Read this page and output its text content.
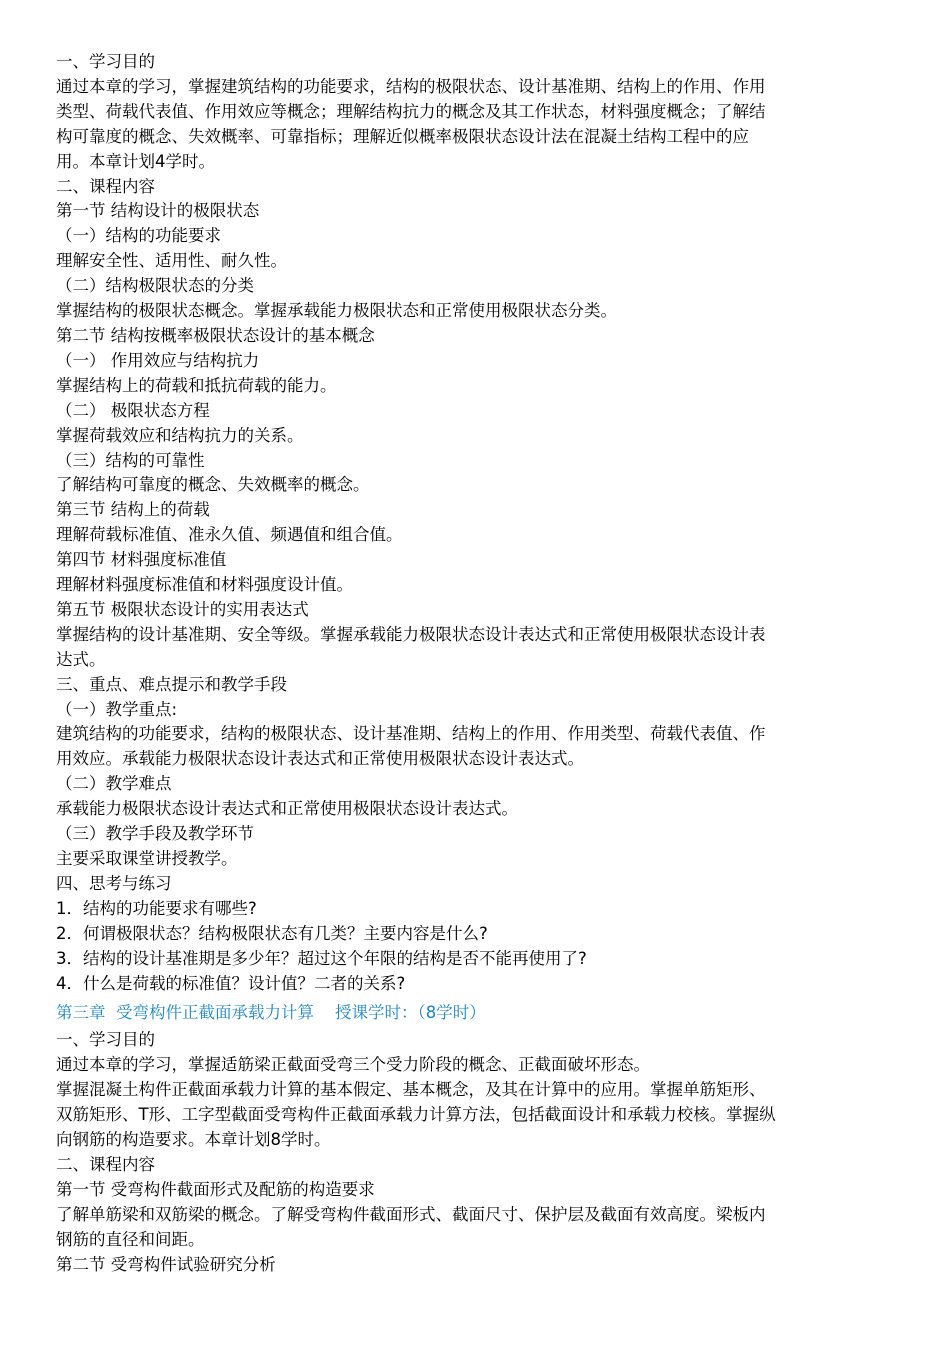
一、学习目的
通过本章的学习，掌握建筑结构的功能要求，结构的极限状态、设计基准期、结构上的作用、作用
类型、荷载代表值、作用效应等概念；理解结构抗力的概念及其工作状态，材料强度概念；了解结
构可靠度的概念、失效概率、可靠指标；理解近似概率极限状态设计法在混凝土结构工程中的应
用。本章计划4学时。
二、课程内容
第一节 结构设计的极限状态
（一）结构的功能要求
理解安全性、适用性、耐久性。
（二）结构极限状态的分类
掌握结构的极限状态概念。掌握承载能力极限状态和正常使用极限状态分类。
第二节 结构按概率极限状态设计的基本概念
（一） 作用效应与结构抗力
掌握结构上的荷载和抵抗荷载的能力。
（二） 极限状态方程
掌握荷载效应和结构抗力的关系。
（三）结构的可靠性
了解结构可靠度的概念、失效概率的概念。
第三节 结构上的荷载
理解荷载标准值、准永久值、频遇值和组合值。
第四节 材料强度标准值
理解材料强度标准值和材料强度设计值。
第五节 极限状态设计的实用表达式
掌握结构的设计基准期、安全等级。掌握承载能力极限状态设计表达式和正常使用极限状态设计表
达式。
三、重点、难点提示和教学手段
（一）教学重点:
建筑结构的功能要求，结构的极限状态、设计基准期、结构上的作用、作用类型、荷载代表值、作
用效应。承载能力极限状态设计表达式和正常使用极限状态设计表达式。
（二）教学难点
承载能力极限状态设计表达式和正常使用极限状态设计表达式。
（三）教学手段及教学环节
主要采取课堂讲授教学。
四、思考与练习
1．结构的功能要求有哪些?
2．何谓极限状态？结构极限状态有几类？主要内容是什么?
3．结构的设计基准期是多少年？超过这个年限的结构是否不能再使用了?
4．什么是荷载的标准值？设计值？二者的关系?
第三章  受弯构件正截面承载力计算    授课学时：（8学时）
一、学习目的
通过本章的学习，掌握适筋梁正截面受弯三个受力阶段的概念、正截面破坏形态。
掌握混凝土构件正截面承载力计算的基本假定、基本概念，及其在计算中的应用。掌握单筋矩形、
双筋矩形、T形、工字型截面受弯构件正截面承载力计算方法，包括截面设计和承载力校核。掌握纵
向钢筋的构造要求。本章计划8学时。
二、课程内容
第一节 受弯构件截面形式及配筋的构造要求
了解单筋梁和双筋梁的概念。了解受弯构件截面形式、截面尺寸、保护层及截面有效高度。梁板内
钢筋的直径和间距。
第二节 受弯构件试验研究分析
